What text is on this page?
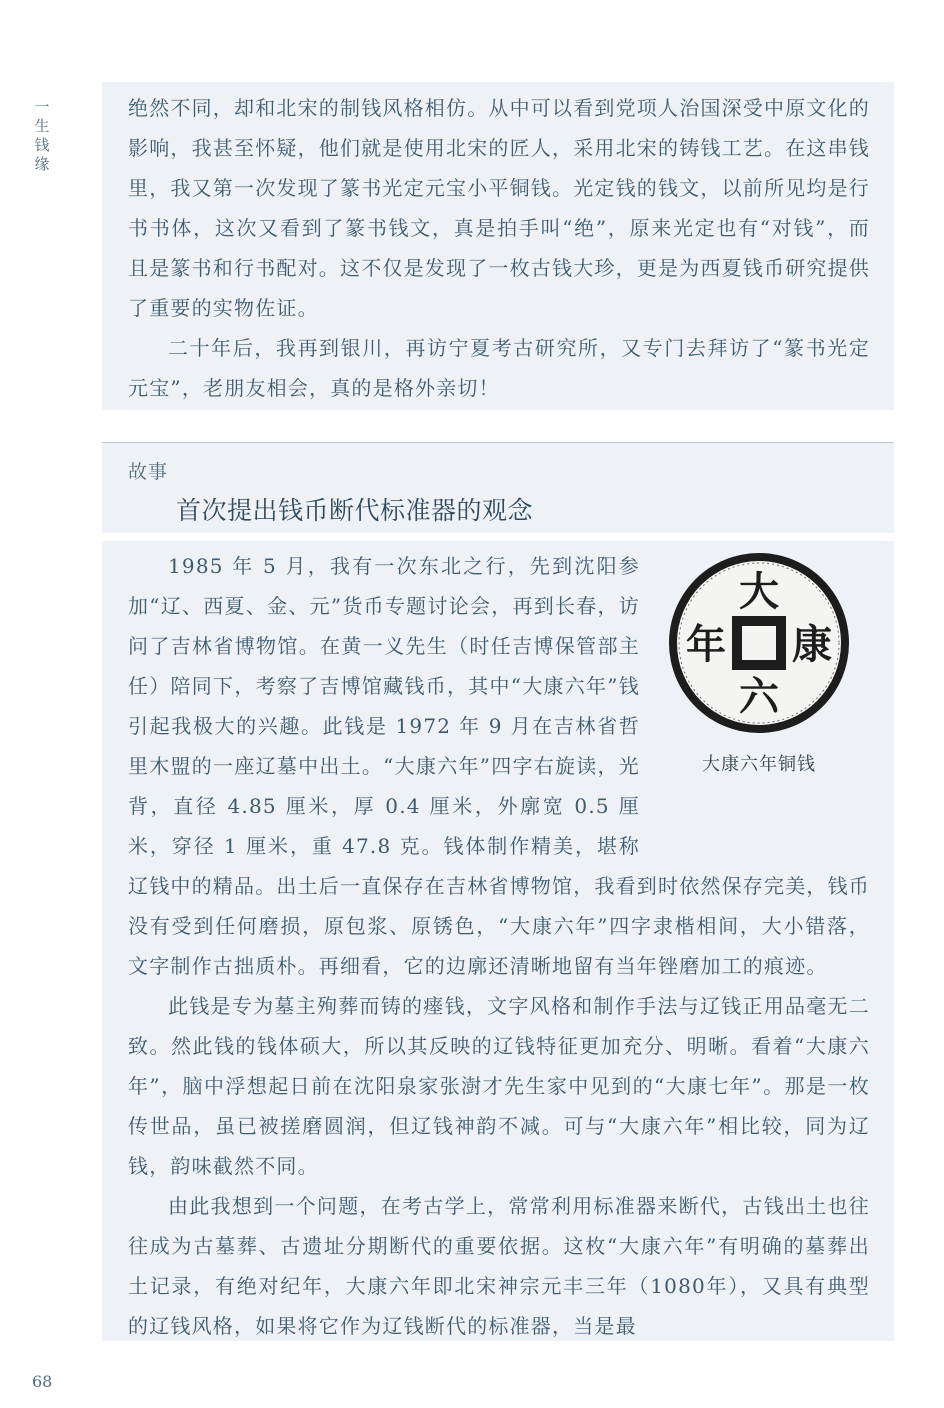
一
生
钱
缘

绝然不同，却和北宋的制钱风格相仿。从中可以看到党项人治国深受中原文化的影响，我甚至怀疑，他们就是使用北宋的匠人，采用北宋的铸钱工艺。在这串钱里，我又第一次发现了篆书光定元宝小平铜钱。光定钱的钱文，以前所见均是行书书体，这次又看到了篆书钱文，真是拍手叫“绝”，原来光定也有“对钱”，而且是篆书和行书配对。这不仅是发现了一枚古钱大珍，更是为西夏钱币研究提供了重要的实物佐证。

二十年后，我再到银川，再访宁夏考古研究所，又专门去拜访了“篆书光定元宝”，老朋友相会，真的是格外亲切！

故事
首次提出钱币断代标准器的观念
大
康
六
年
大康六年铜钱

1985 年 5 月，我有一次东北之行，先到沈阳参加“辽、西夏、金、元”货币专题讨论会，再到长春，访问了吉林省博物馆。在黄一义先生（时任吉博保管部主任）陪同下，考察了吉博馆藏钱币，其中“大康六年”钱引起我极大的兴趣。此钱是 1972 年 9 月在吉林省哲里木盟的一座辽墓中出土。“大康六年”四字右旋读，光背，直径 4.85 厘米，厚 0.4 厘米，外廓宽 0.5 厘米，穿径 1 厘米，重 47.8 克。钱体制作精美，堪称辽钱中的精品。出土后一直保存在吉林省博物馆，我看到时依然保存完美，钱币没有受到任何磨损，原包浆、原锈色，“大康六年”四字隶楷相间，大小错落，文字制作古拙质朴。再细看，它的边廓还清晰地留有当年锉磨加工的痕迹。

此钱是专为墓主殉葬而铸的瘗钱，文字风格和制作手法与辽钱正用品毫无二致。然此钱的钱体硕大，所以其反映的辽钱特征更加充分、明晰。看着“大康六年”，脑中浮想起日前在沈阳泉家张澍才先生家中见到的“大康七年”。那是一枚传世品，虽已被搓磨圆润，但辽钱神韵不减。可与“大康六年”相比较，同为辽钱，韵味截然不同。

由此我想到一个问题，在考古学上，常常利用标准器来断代，古钱出土也往往成为古墓葬、古遗址分期断代的重要依据。这枚“大康六年”有明确的墓葬出土记录，有绝对纪年，大康六年即北宋神宗元丰三年（1080年），又具有典型的辽钱风格，如果将它作为辽钱断代的标准器，当是最

68
